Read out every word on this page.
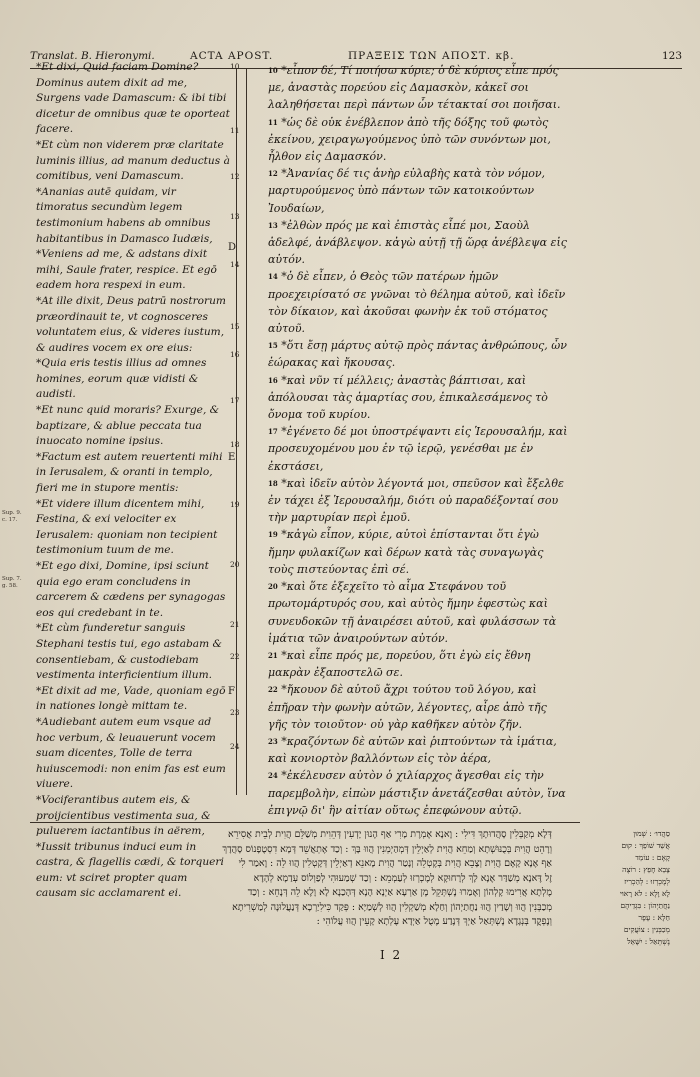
Translat. B. Hieronymi.	ACTA APOST.	ΠΡΑΞΕΙΣ ΤΩΝ ΑΠΟΣΤ. κβ.	123

*Et dixi, Quid faciam Domine? Dominus autem dixit ad me, Surgens vade Damascum: & ibi tibi dicetur de omnibus quæ te oporteat facere.

*Et cùm non viderem præ claritate luminis illius, ad manum deductus à comitibus, veni Damascum.

*Ananias autē quidam, vir timoratus secundùm legem testimonium habens ab omnibus habitantibus in Damasco Iudæis, *Veniens ad me, & adstans dixit mihi, Saule frater, respice. Et egō eadem hora respexi in eum.

*At ille dixit, Deus patrū nostrorum præordinauit te, vt cognosceres voluntatem eius, & videres iustum, & audires vocem ex ore eius:

*Quia eris testis illius ad omnes homines, eorum quæ vidisti & audisti.

*Et nunc quid moraris? Exurge, & baptizare, & ablue peccata tua inuocato nomine ipsius.

*Factum est autem reuertenti mihi in Ierusalem, & oranti in templo, fieri me in stupore mentis:

*Et videre illum dicentem mihi, Festina, & exi velociter ex Ierusalem: quoniam non tecipient testimonium tuum de me.

*Et ego dixi, Domine, ipsi sciunt quia ego eram concludens in carcerem & cædens per synagogas eos qui credebant in te.

*Et cùm funderetur sanguis Stephani testis tui, ego astabam & consentiebam, & custodiebam vestimenta interficientium illum.

*Et dixit ad me, Vade, quoniam egō in nationes longè mittam te.

*Audiebant autem eum vsque ad hoc verbum, & leuauerunt vocem suam dicentes, Tolle de terra huiuscemodi: non enim fas est eum viuere.

*Vociferantibus autem eis, & proijcientibus vestimenta sua, & puluerem iactantibus in aërem,

*Iussit tribunus induci eum in castra, & flagellis cædi, & torqueri eum: vt sciret propter quam causam sic acclamarent ei.

10
11
12
13
14
15
16
17
18
19
20
21
22
23
24
D
E
F
Sup. 9. c. 17.
Sup. 7. g. 58.

$^{10}$ *εἶπον δέ, Τί ποιήσω κύριε; ὁ δὲ κύριος εἶπε πρός με, ἀναστὰς πορεύου εἰς Δαμασκὸν, κἀκεῖ σοι λαληθήσεται περὶ πάντων ὧν τέτακταί σοι ποιῆσαι.

$^{11}$ *ὡς δὲ οὐκ ἐνέβλεπον ἀπὸ τῆς δόξης τοῦ φωτὸς ἐκείνου, χειραγωγούμενος ὑπὸ τῶν συνόντων μοι, ἦλθον εἰς Δαμασκόν.

$^{12}$ *Ἀνανίας δέ τις ἀνὴρ εὐλαβὴς κατὰ τὸν νόμον, μαρτυρούμενος ὑπὸ πάντων τῶν κατοικούντων Ἰουδαίων,

$^{13}$ *ἐλθὼν πρός με καὶ ἐπιστὰς εἶπέ μοι, Σαοὺλ ἀδελφέ, ἀνάβλεψον. κἀγὼ αὐτῇ τῇ ὥρᾳ ἀνέβλεψα εἰς αὐτόν.

$^{14}$ *ὁ δὲ εἶπεν, ὁ Θεὸς τῶν πατέρων ἡμῶν προεχειρίσατό σε γνῶναι τὸ θέλημα αὐτοῦ, καὶ ἰδεῖν τὸν δίκαιον, καὶ ἀκοῦσαι φωνὴν ἐκ τοῦ στόματος αὐτοῦ.

$^{15}$ *ὅτι ἔσῃ μάρτυς αὐτῷ πρὸς πάντας ἀνθρώπους, ὧν ἑώρακας καὶ ἤκουσας.

$^{16}$ *καὶ νῦν τί μέλλεις; ἀναστὰς βάπτισαι, καὶ ἀπόλουσαι τὰς ἁμαρτίας σου, ἐπικαλεσάμενος τὸ ὄνομα τοῦ κυρίου.

$^{17}$ *ἐγένετο δέ μοι ὑποστρέψαντι εἰς Ἱερουσαλήμ, καὶ προσευχομένου μου ἐν τῷ ἱερῷ, γενέσθαι με ἐν ἐκστάσει,

$^{18}$ *καὶ ἰδεῖν αὐτὸν λέγοντά μοι, σπεῦσον καὶ ἔξελθε ἐν τάχει ἐξ Ἱερουσαλήμ, διότι οὐ παραδέξονταί σου τὴν μαρτυρίαν περὶ ἐμοῦ.

$^{19}$ *κἀγὼ εἶπον, κύριε, αὐτοὶ ἐπίστανται ὅτι ἐγὼ ἤμην φυλακίζων καὶ δέρων κατὰ τὰς συναγωγὰς τοὺς πιστεύοντας ἐπὶ σέ.

$^{20}$ *καὶ ὅτε ἐξεχεῖτο τὸ αἷμα Στεφάνου τοῦ πρωτομάρτυρός σου, καὶ αὐτὸς ἤμην ἐφεστὼς καὶ συνευδοκῶν τῇ ἀναιρέσει αὐτοῦ, καὶ φυλάσσων τὰ ἱμάτια τῶν ἀναιρούντων αὐτόν.

$^{21}$ *καὶ εἶπε πρός με, πορεύου, ὅτι ἐγὼ εἰς ἔθνη μακρὰν ἐξαποστελῶ σε.

$^{22}$ *ἤκουον δὲ αὐτοῦ ἄχρι τούτου τοῦ λόγου, καὶ ἐπῆραν τὴν φωνὴν αὐτῶν, λέγοντες, αἶρε ἀπὸ τῆς γῆς τὸν τοιοῦτον· οὐ γὰρ καθῆκεν αὐτὸν ζῆν.

$^{23}$ *κραζόντων δὲ αὐτῶν καὶ ῥιπτούντων τὰ ἱμάτια, καὶ κονιορτὸν βαλλόντων εἰς τὸν ἀέρα,

$^{24}$ *ἐκέλευσεν αὐτὸν ὁ χιλίαρχος ἄγεσθαι εἰς τὴν παρεμβολὴν, εἰπὼν μάστιξιν ἀνετάζεσθαι αὐτὸν, ἵνα ἐπιγνῷ δι' ἣν αἰτίαν οὕτως ἐπεφώνουν αὐτῷ.

דְּלָא מְקַבְּלִין סָהֲדוּתָךְ דִּילִי : וֶאנָא אֶמְרֶת מָרִי אַף הֶנוּן יָדְעִין דְּהֵוִית מְשַׁלֵּם הֲוִית לְבֵית אֲסִירֵא

וְרָהֵט הֲוִיתּ בְּכֻנּוּשְׁתָא וְמַחֵא הֲוִית לְאַיְלֵין דְּמְהַיְמְנִין הֲווּ בָּךְ : וְכַד אֶתְאֲשֵׁד דְּמָא דִסְטֶפָנוֹס סָהֲדָךְ

אַף אֶנָא קָאֶם הֲוִית וְצָבֵא הֲוִית בְּקֶטְלֵה וְנָטַר הֲוִית מָאנֵא דְאַיְלֵין דְּקָטְלִין הֲווּ לֵה : וֶאמַר לִי

זֶל דֶּאנָא מְשַׁדַּר אֶנָא לָךְ לְרָחוּקָא לְמֶכְרְזוּ לְעַמְמֵא : וְכַד שְׁמַעוּהִי לְפַוְלוֹס עְדַמָא לְהָדָא

מֶלְתָא אֲרִימוּ קָלְהוֹן וְאֶמַרוּ נֶשְׁתְּקֵל מֶן אַרְעָא אַיְנָא הָנָא דְּהָכַנָא לָא וָלֶא לֵה דְּנָחֵא : וְכַד

מְכַבְּנִין הֲווּ וְשָׁדַיִן הֲווּ נַחֲתַיְהוֹן וְחַלָא מְשַׁקְלִין הֲווּ לְשְׁמַיָא : פְּקַד כִּילִיַרְכָא דְּנַעֲלוּנָה לְמַשְׁרִיתָא

וְנֶפְקֳד בְּנְגָדָא נֶשְׁתְּאַל אַיְךְ דְּנֶדַע מֶטֻל אַיְדָא עֶלְתָא קָעֵין הֲווּ עֲלוֹהִי :

סַהֲדוּ׳ : שְׁמוּן

אֲשֵׁד שׁוֹפֵךְ : קוּם

קָאֶם : עוֹמֵד

צָבֵא חָפֵץ : רוֹצֶה

לְמֶכְרְזוּ : לְהַכְרִיז

לָא וָלֶא : לֹא רָאוּי

נַחֲתַיְהוֹן : בִּגְדֵיהֶם

חַלָא : עָפָר

מְכַבְּנִין : צוֹעֲקִים

נֶשְׁתְּאַל : יִשָּׁאֵל

I 2
